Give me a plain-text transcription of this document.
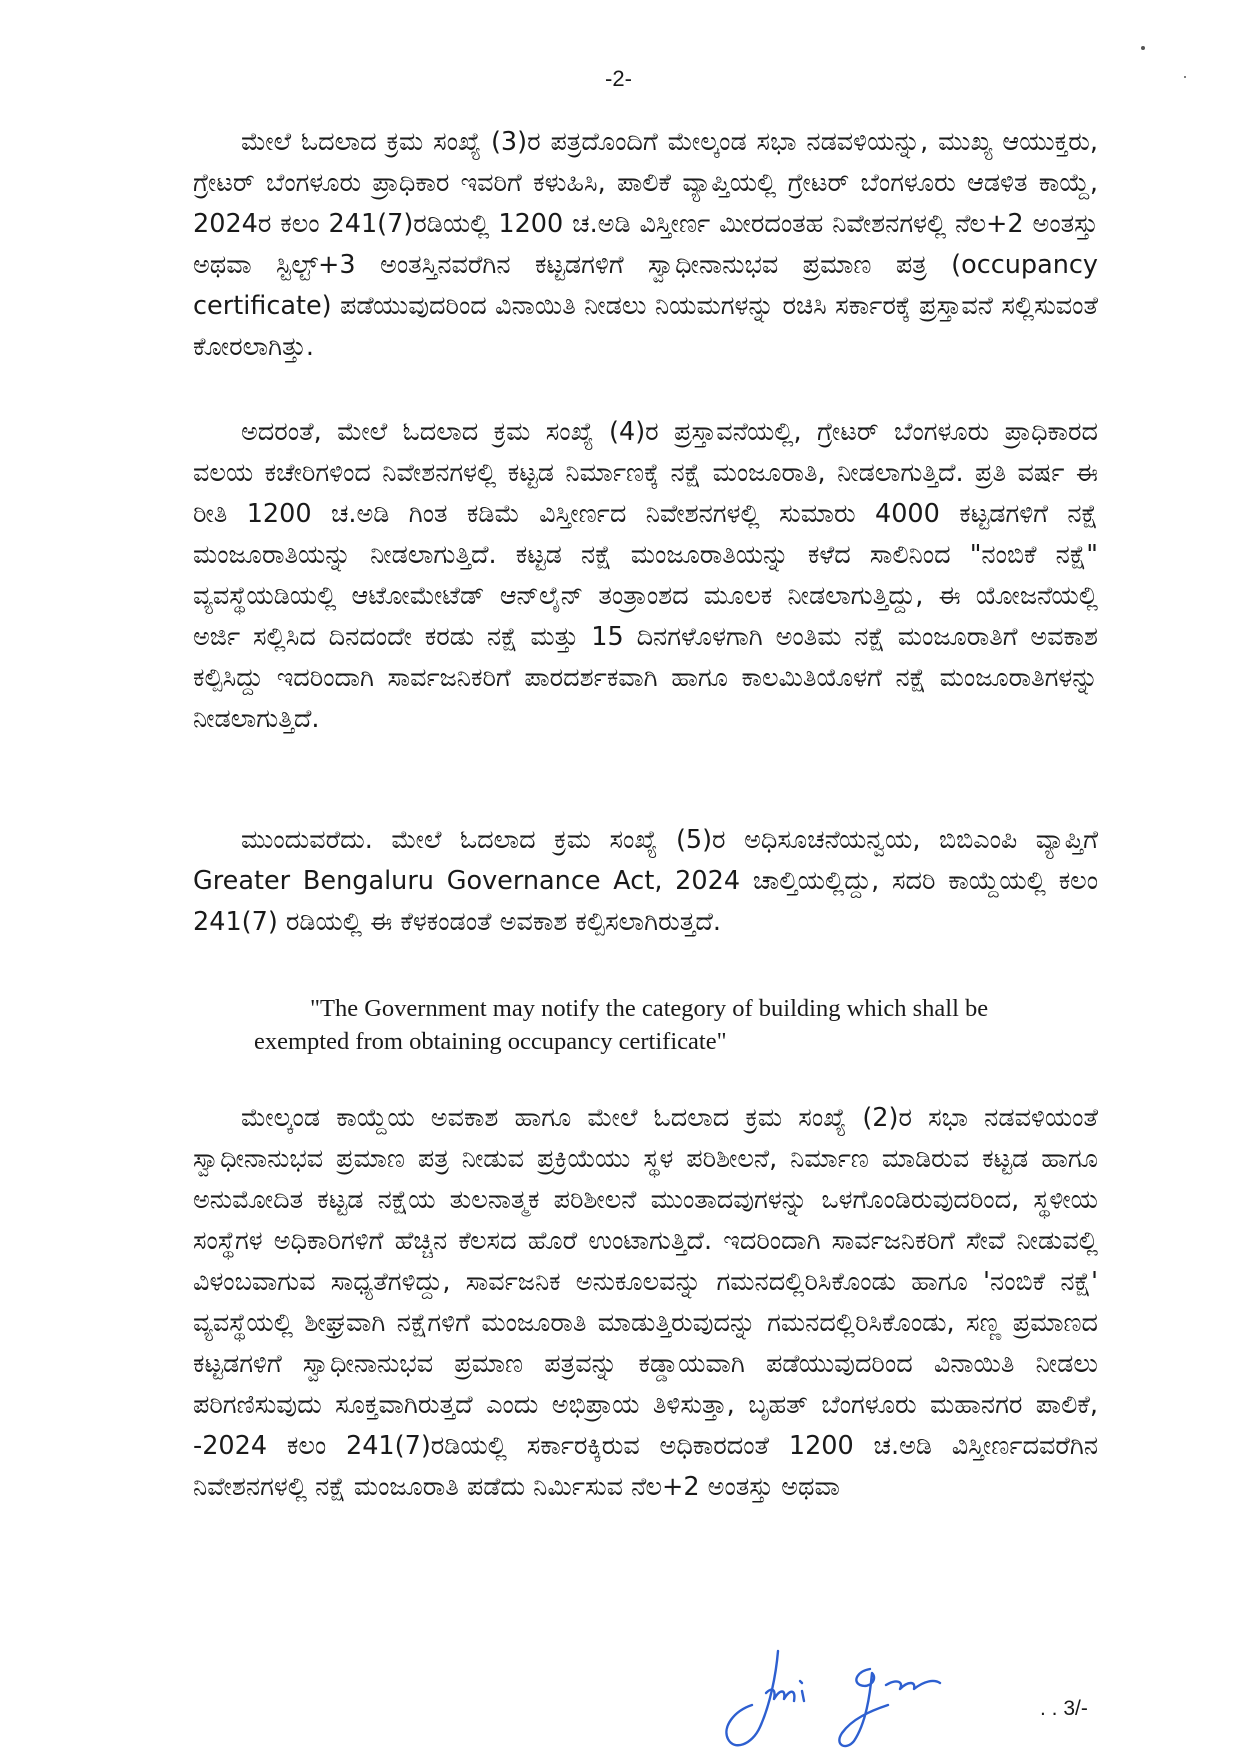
-2-

ಮೇಲೆ ಓದಲಾದ ಕ್ರಮ ಸಂಖ್ಯೆ (3)ರ ಪತ್ರದೊಂದಿಗೆ ಮೇಲ್ಕಂಡ ಸಭಾ ನಡವಳಿಯನ್ನು, ಮುಖ್ಯ ಆಯುಕ್ತರು, ಗ್ರೇಟರ್ ಬೆಂಗಳೂರು ಪ್ರಾಧಿಕಾರ ಇವರಿಗೆ ಕಳುಹಿಸಿ, ಪಾಲಿಕೆ ವ್ಯಾಪ್ತಿಯಲ್ಲಿ ಗ್ರೇಟರ್ ಬೆಂಗಳೂರು ಆಡಳಿತ ಕಾಯ್ದೆ, 2024ರ ಕಲಂ 241(7)ರಡಿಯಲ್ಲಿ 1200 ಚ.ಅಡಿ ವಿಸ್ತೀರ್ಣ ಮೀರದಂತಹ ನಿವೇಶನಗಳಲ್ಲಿ ನೆಲ+2 ಅಂತಸ್ತು ಅಥವಾ ಸ್ಟಿಲ್ಟ್+3 ಅಂತಸ್ತಿನವರೆಗಿನ ಕಟ್ಟಡಗಳಿಗೆ ಸ್ವಾಧೀನಾನುಭವ ಪ್ರಮಾಣ ಪತ್ರ (occupancy certificate) ಪಡೆಯುವುದರಿಂದ ವಿನಾಯಿತಿ ನೀಡಲು ನಿಯಮಗಳನ್ನು ರಚಿಸಿ ಸರ್ಕಾರಕ್ಕೆ ಪ್ರಸ್ತಾವನೆ ಸಲ್ಲಿಸುವಂತೆ ಕೋರಲಾಗಿತ್ತು.

ಅದರಂತೆ, ಮೇಲೆ ಓದಲಾದ ಕ್ರಮ ಸಂಖ್ಯೆ (4)ರ ಪ್ರಸ್ತಾವನೆಯಲ್ಲಿ, ಗ್ರೇಟರ್ ಬೆಂಗಳೂರು ಪ್ರಾಧಿಕಾರದ ವಲಯ ಕಚೇರಿಗಳಿಂದ ನಿವೇಶನಗಳಲ್ಲಿ ಕಟ್ಟಡ ನಿರ್ಮಾಣಕ್ಕೆ ನಕ್ಷೆ ಮಂಜೂರಾತಿ, ನೀಡಲಾಗುತ್ತಿದೆ. ಪ್ರತಿ ವರ್ಷ ಈ ರೀತಿ 1200 ಚ.ಅಡಿ ಗಿಂತ ಕಡಿಮೆ ವಿಸ್ತೀರ್ಣದ ನಿವೇಶನಗಳಲ್ಲಿ ಸುಮಾರು 4000 ಕಟ್ಟಡಗಳಿಗೆ ನಕ್ಷೆ ಮಂಜೂರಾತಿಯನ್ನು ನೀಡಲಾಗುತ್ತಿದೆ. ಕಟ್ಟಡ ನಕ್ಷೆ ಮಂಜೂರಾತಿಯನ್ನು ಕಳೆದ ಸಾಲಿನಿಂದ "ನಂಬಿಕೆ ನಕ್ಷೆ" ವ್ಯವಸ್ಥೆಯಡಿಯಲ್ಲಿ ಆಟೋಮೇಟೆಡ್ ಆನ್‌ಲೈನ್ ತಂತ್ರಾಂಶದ ಮೂಲಕ ನೀಡಲಾಗುತ್ತಿದ್ದು, ಈ ಯೋಜನೆಯಲ್ಲಿ ಅರ್ಜಿ ಸಲ್ಲಿಸಿದ ದಿನದಂದೇ ಕರಡು ನಕ್ಷೆ ಮತ್ತು 15 ದಿನಗಳೊಳಗಾಗಿ ಅಂತಿಮ ನಕ್ಷೆ ಮಂಜೂರಾತಿಗೆ ಅವಕಾಶ ಕಲ್ಪಿಸಿದ್ದು ಇದರಿಂದಾಗಿ ಸಾರ್ವಜನಿಕರಿಗೆ ಪಾರದರ್ಶಕವಾಗಿ ಹಾಗೂ ಕಾಲಮಿತಿಯೊಳಗೆ ನಕ್ಷೆ ಮಂಜೂರಾತಿಗಳನ್ನು ನೀಡಲಾಗುತ್ತಿದೆ.

ಮುಂದುವರೆದು. ಮೇಲೆ ಓದಲಾದ ಕ್ರಮ ಸಂಖ್ಯೆ (5)ರ ಅಧಿಸೂಚನೆಯನ್ವಯ, ಬಿಬಿಎಂಪಿ ವ್ಯಾಪ್ತಿಗೆ Greater Bengaluru Governance Act, 2024 ಚಾಲ್ತಿಯಲ್ಲಿದ್ದು, ಸದರಿ ಕಾಯ್ದೆಯಲ್ಲಿ ಕಲಂ 241(7) ರಡಿಯಲ್ಲಿ ಈ ಕೆಳಕಂಡಂತೆ ಅವಕಾಶ ಕಲ್ಪಿಸಲಾಗಿರುತ್ತದೆ.

"The Government may notify the category of building which shall be exempted from obtaining occupancy certificate"

ಮೇಲ್ಕಂಡ ಕಾಯ್ದೆಯ ಅವಕಾಶ ಹಾಗೂ ಮೇಲೆ ಓದಲಾದ ಕ್ರಮ ಸಂಖ್ಯೆ (2)ರ ಸಭಾ ನಡವಳಿಯಂತೆ ಸ್ವಾಧೀನಾನುಭವ ಪ್ರಮಾಣ ಪತ್ರ ನೀಡುವ ಪ್ರಕ್ರಿಯೆಯು ಸ್ಥಳ ಪರಿಶೀಲನೆ, ನಿರ್ಮಾಣ ಮಾಡಿರುವ ಕಟ್ಟಡ ಹಾಗೂ ಅನುಮೋದಿತ ಕಟ್ಟಡ ನಕ್ಷೆಯ ತುಲನಾತ್ಮಕ ಪರಿಶೀಲನೆ ಮುಂತಾದವುಗಳನ್ನು ಒಳಗೊಂಡಿರುವುದರಿಂದ, ಸ್ಥಳೀಯ ಸಂಸ್ಥೆಗಳ ಅಧಿಕಾರಿಗಳಿಗೆ ಹೆಚ್ಚಿನ ಕೆಲಸದ ಹೊರೆ ಉಂಟಾಗುತ್ತಿದೆ. ಇದರಿಂದಾಗಿ ಸಾರ್ವಜನಿಕರಿಗೆ ಸೇವೆ ನೀಡುವಲ್ಲಿ ವಿಳಂಬವಾಗುವ ಸಾಧ್ಯತೆಗಳಿದ್ದು, ಸಾರ್ವಜನಿಕ ಅನುಕೂಲವನ್ನು ಗಮನದಲ್ಲಿರಿಸಿಕೊಂಡು ಹಾಗೂ 'ನಂಬಿಕೆ ನಕ್ಷೆ' ವ್ಯವಸ್ಥೆಯಲ್ಲಿ ಶೀಘ್ರವಾಗಿ ನಕ್ಷೆಗಳಿಗೆ ಮಂಜೂರಾತಿ ಮಾಡುತ್ತಿರುವುದನ್ನು ಗಮನದಲ್ಲಿರಿಸಿಕೊಂಡು, ಸಣ್ಣ ಪ್ರಮಾಣದ ಕಟ್ಟಡಗಳಿಗೆ ಸ್ವಾಧೀನಾನುಭವ ಪ್ರಮಾಣ ಪತ್ರವನ್ನು ಕಡ್ಡಾಯವಾಗಿ ಪಡೆಯುವುದರಿಂದ ವಿನಾಯಿತಿ ನೀಡಲು ಪರಿಗಣಿಸುವುದು ಸೂಕ್ತವಾಗಿರುತ್ತದೆ ಎಂದು ಅಭಿಪ್ರಾಯ ತಿಳಿಸುತ್ತಾ, ಬೃಹತ್ ಬೆಂಗಳೂರು ಮಹಾನಗರ ಪಾಲಿಕೆ, -2024 ಕಲಂ 241(7)ರಡಿಯಲ್ಲಿ ಸರ್ಕಾರಕ್ಕಿರುವ ಅಧಿಕಾರದಂತೆ 1200 ಚ.ಅಡಿ ವಿಸ್ತೀರ್ಣದವರೆಗಿನ ನಿವೇಶನಗಳಲ್ಲಿ ನಕ್ಷೆ ಮಂಜೂರಾತಿ ಪಡೆದು ನಿರ್ಮಿಸುವ ನೆಲ+2 ಅಂತಸ್ತು ಅಥವಾ

. . 3/-
